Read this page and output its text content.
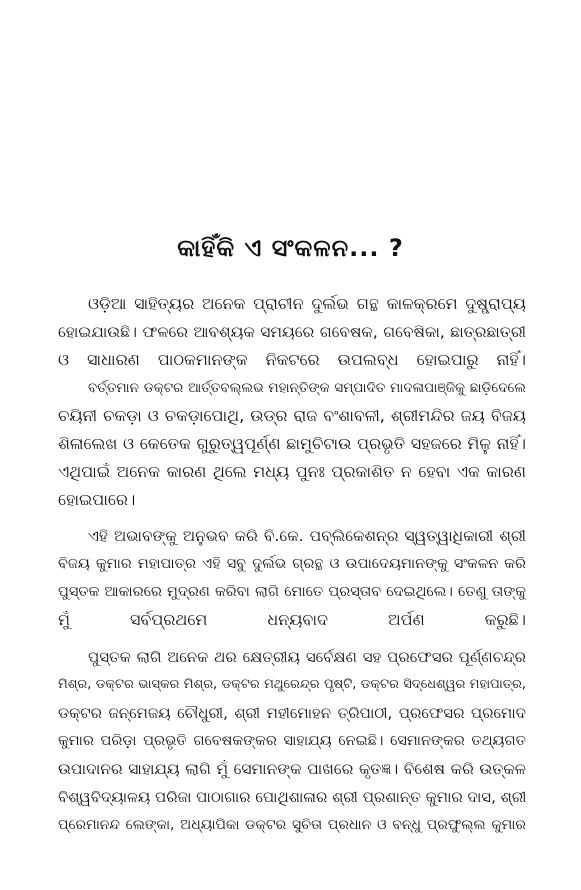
କାହିଁକି ଏ ସଂକଳନ... ?
ଓଡ଼ିଆ ସାହିତ୍ୟର ଅନେକ ପ୍ରାଚୀନ ଦୁର୍ଲଭ ଗନ୍ଥ କାଳକ୍ରମେ ଦୁଷ୍ପ୍ରାପ୍ୟ
ହୋଇଯାଉଛି। ଫଳରେ ଆବଶ୍ୟକ ସମୟରେ ଗବେଷକ, ଗବେଷିକା, ଛାତ୍ରଛାତ୍ରୀ
ଓ ସାଧାରଣ ପାଠକମାନଙ୍କ ନିକଟରେ ଉପଲବ୍ଧ ହୋଇପାରୁ ନାହିଁ।
ବର୍ତ୍ତମାନ ଡକ୍ଟର ଆର୍ତ୍ତବଲ୍ଲଭ ମହାନ୍ତିଙ୍କ ସମ୍ପାଦିତ ମାଦଳାପାଞ୍ଜିକୁ ଛାଡ଼ିଦେଲେ
ଚୟିନୀ ଚକଡ଼ା ଓ ଚକଡ଼ାପୋଥି, ଉଡ୍ର ରାଜ ବଂଶାବଳୀ, ଶ୍ରୀମନ୍ଦିର ଜୟ ବିଜୟ
ଶିଳାଲେଖ ଓ କେତେକ ଗୁରୁତ୍ୱପୂର୍ଣ୍ଣ ଛାମୁଚିଟାଉ ପ୍ରଭୃତି ସହଜରେ ମିଳୁ ନାହିଁ।
ଏଥିପାଇଁ ଅନେକ କାରଣ ଥିଲେ ମଧ୍ୟ ପୁନଃ ପ୍ରକାଶିତ ନ ହେବା ଏକ କାରଣ
ହୋଇପାରେ।
ଏହି ଅଭାବଙ୍କୁ ଅନୁଭବ କରି ବି.କେ. ପବ୍ଲିକେଶନ୍‌ର ସ୍ୱତ୍ୱାଧିକାରୀ ଶ୍ରୀ
ବିଜୟ କୁମାର ମହାପାତ୍ର ଏହି ସବୁ ଦୁର୍ଲଭ ଗ୍ରନ୍ଥ ଓ ଉପାଦେୟମାନଙ୍କୁ ସଂକଳନ କରି
ପୁସ୍ତକ ଆକାରରେ ମୁଦ୍ରଣ କରିବା ଲାଗି ମୋତେ ପ୍ରସ୍ତାବ ଦେଇଥିଲେ। ତେଣୁ ତାଙ୍କୁ
ମୁଁ ସର୍ବପ୍ରଥମେ ଧନ୍ୟବାଦ ଅର୍ପଣ କରୁଛି।
ପୁସ୍ତକ ଲାଗି ଅନେକ ଥର କ୍ଷେତ୍ରୀୟ ସର୍ବେକ୍ଷଣ ସହ ପ୍ରଫେସର ପୂର୍ଣ୍ଣଚନ୍ଦ୍ର
ମିଶ୍ର, ଡକ୍ଟର ଭାସ୍କର ମିଶ୍ର, ଡକ୍ଟର ମଥୁରେନ୍ଦ୍ର ପୃଷ୍ଟି, ଡକ୍ଟର ସିଦ୍ଧେଶ୍ୱର ମହାପାତ୍ର,
ଡକ୍ଟର ଜନ୍ମେଜୟ ଚୌଧୁରୀ, ଶ୍ରୀ ମହୀମୋହନ ତ୍ରିପାଠୀ, ପ୍ରଫେସର ପ୍ରମୋଦ
କୁମାର ପରିଡ଼ା ପ୍ରଭୃତି ଗବେଷକଙ୍କର ସାହାଯ୍ୟ ନେଇଛି। ସେମାନଙ୍କର ତଥ୍ୟଗତ
ଉପାଦାନର ସାହାଯ୍ୟ ଲାଗି ମୁଁ ସେମାନଙ୍କ ପାଖରେ କୃତଜ୍ଞ। ବିଶେଷ କରି ଉତ୍କଳ
ବିଶ୍ୱବିଦ୍ୟାଳୟ ପରିଜା ପାଠାଗାର ପୋଥିଶାଳାର ଶ୍ରୀ ପ୍ରଶାନ୍ତ କୁମାର ଦାସ, ଶ୍ରୀ
ପ୍ରେମାନନ୍ଦ ଲେଙ୍କା, ଅଧ୍ୟାପିକା ଡକ୍ଟର ସୁଚିତା ପ୍ରଧାନ ଓ ବନ୍ଧୁ ପ୍ରଫୁଲ୍ଲ କୁମାର
